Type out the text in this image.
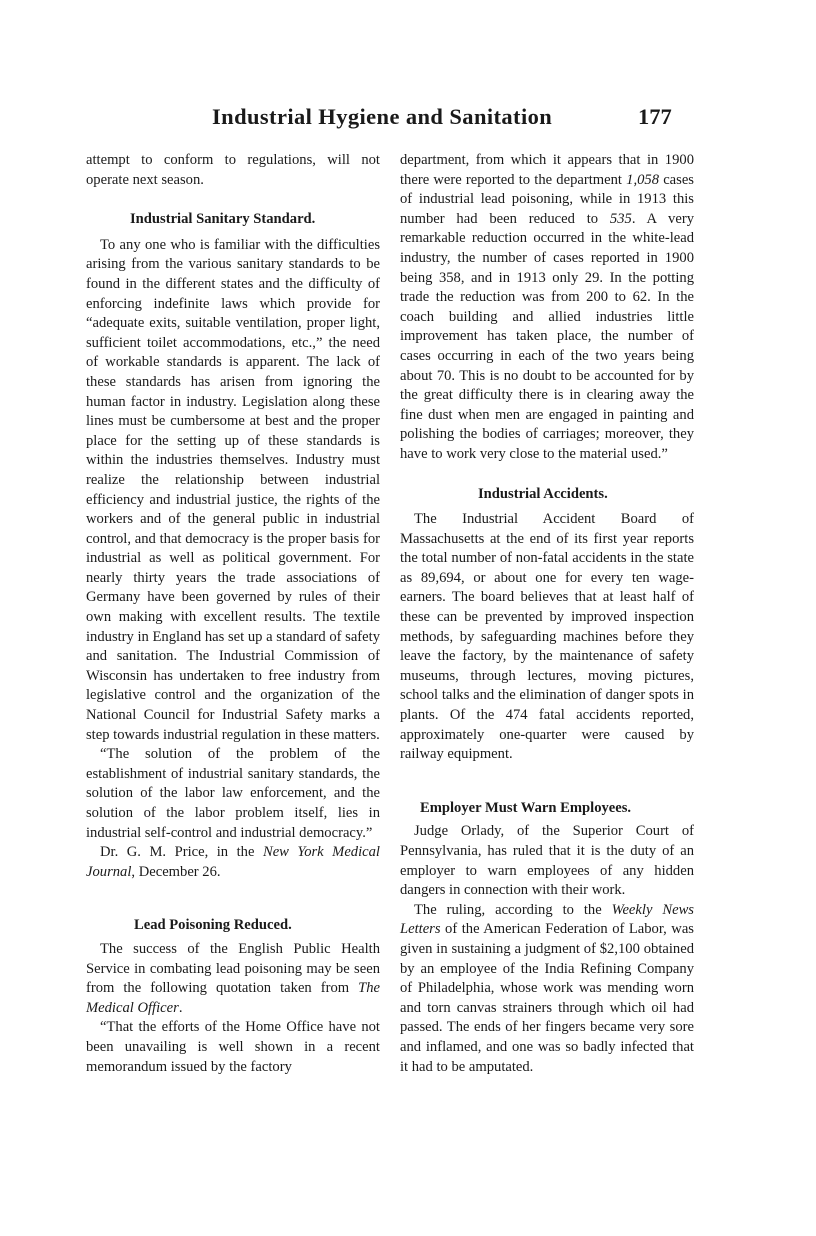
Industrial Hygiene and Sanitation	177

attempt to conform to regulations, will not operate next season.

Industrial Sanitary Standard.

To any one who is familiar with the difficulties arising from the various sanitary standards to be found in the different states and the difficulty of enforcing indefinite laws which provide for “adequate exits, suitable ventilation, proper light, sufficient toilet accommodations, etc.,” the need of workable standards is apparent. The lack of these standards has arisen from ignoring the human factor in industry. Legislation along these lines must be cumbersome at best and the proper place for the setting up of these standards is within the industries themselves. Industry must realize the relationship between industrial efficiency and industrial justice, the rights of the workers and of the general public in industrial control, and that democracy is the proper basis for industrial as well as political government. For nearly thirty years the trade associations of Germany have been governed by rules of their own making with excellent results. The textile industry in England has set up a standard of safety and sanitation. The Industrial Commission of Wisconsin has undertaken to free industry from legislative control and the organization of the National Council for Industrial Safety marks a step towards industrial regulation in these matters.

“The solution of the problem of the establishment of industrial sanitary standards, the solution of the labor law enforcement, and the solution of the labor problem itself, lies in industrial self-control and industrial democracy.”

Dr. G. M. Price, in the New York Medical Journal, December 26.

Lead Poisoning Reduced.

The success of the English Public Health Service in combating lead poisoning may be seen from the following quotation taken from The Medical Officer.

“That the efforts of the Home Office have not been unavailing is well shown in a recent memorandum issued by the factory

department, from which it appears that in 1900 there were reported to the department 1,058 cases of industrial lead poisoning, while in 1913 this number had been reduced to 535. A very remarkable reduction occurred in the white-lead industry, the number of cases reported in 1900 being 358, and in 1913 only 29. In the potting trade the reduction was from 200 to 62. In the coach building and allied industries little improvement has taken place, the number of cases occurring in each of the two years being about 70. This is no doubt to be accounted for by the great difficulty there is in clearing away the fine dust when men are engaged in painting and polishing the bodies of carriages; moreover, they have to work very close to the material used.”

Industrial Accidents.

The Industrial Accident Board of Massachusetts at the end of its first year reports the total number of non-fatal accidents in the state as 89,694, or about one for every ten wage-earners. The board believes that at least half of these can be prevented by improved inspection methods, by safeguarding machines before they leave the factory, by the maintenance of safety museums, through lectures, moving pictures, school talks and the elimination of danger spots in plants. Of the 474 fatal accidents reported, approximately one-quarter were caused by railway equipment.

Employer Must Warn Employees.

Judge Orlady, of the Superior Court of Pennsylvania, has ruled that it is the duty of an employer to warn employees of any hidden dangers in connection with their work.

The ruling, according to the Weekly News Letters of the American Federation of Labor, was given in sustaining a judgment of $2,100 obtained by an employee of the India Refining Company of Philadelphia, whose work was mending worn and torn canvas strainers through which oil had passed. The ends of her fingers became very sore and inflamed, and one was so badly infected that it had to be amputated.
